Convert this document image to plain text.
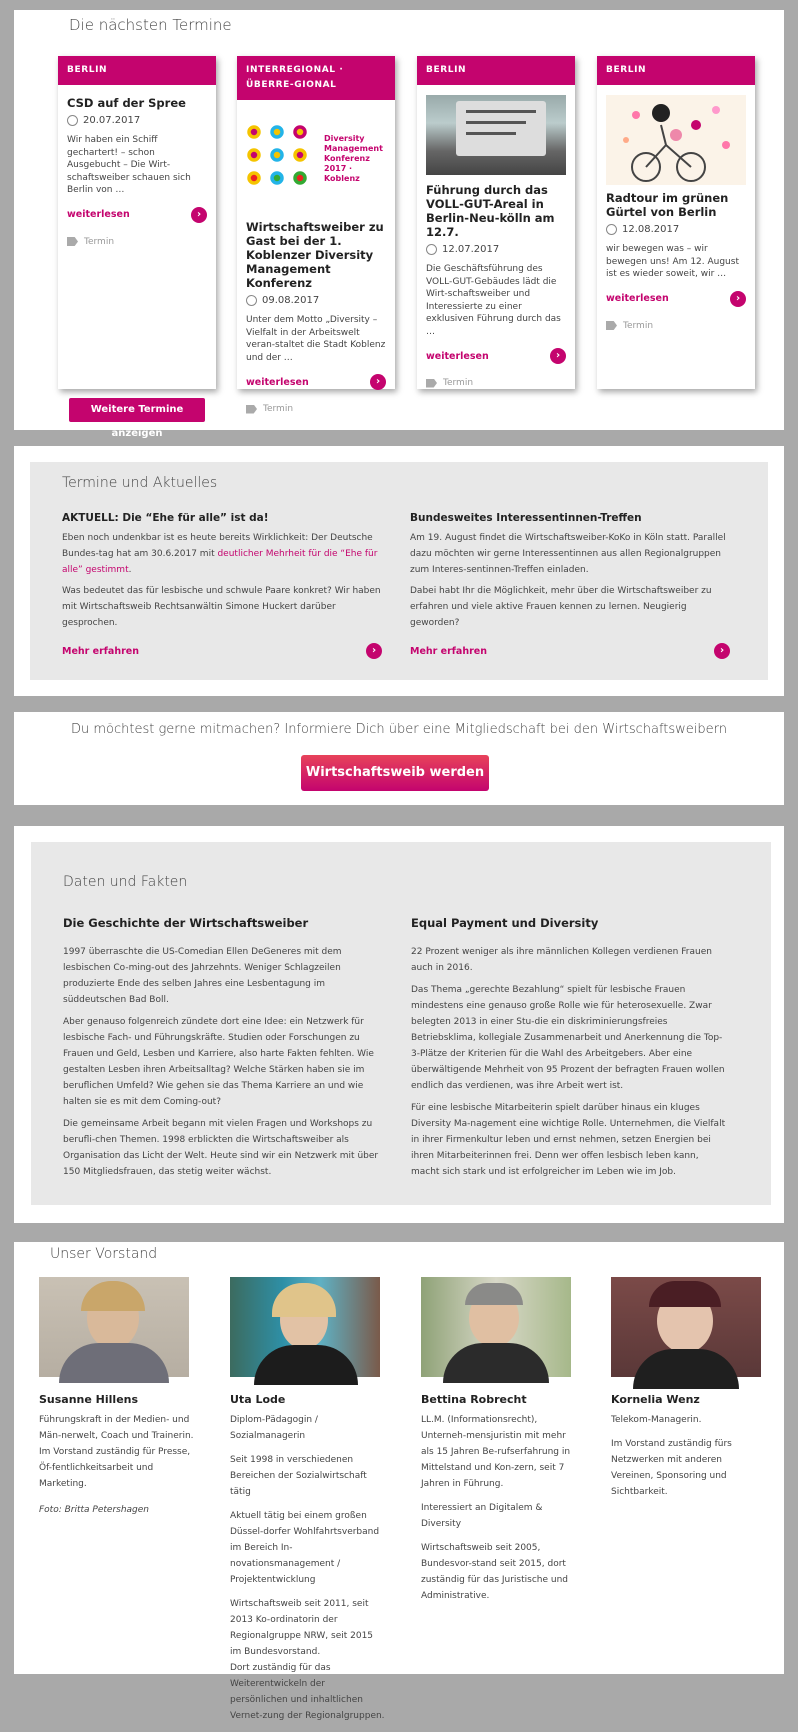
Die nächsten Termine
BERLIN
CSD auf der Spree
20.07.2017
Wir haben ein Schiff gechartert! – schon Ausgebucht – Die Wirt-schaftsweiber schauen sich Berlin von …
weiterlesen	›
Termin
INTERREGIONAL · ÜBERRE-GIONAL
Diversity Management Konferenz 2017 · Koblenz
Wirtschaftsweiber zu Gast bei der 1. Koblenzer Diversity Management Konferenz
09.08.2017
Unter dem Motto „Diversity – Vielfalt in der Arbeitswelt veran-staltet die Stadt Koblenz und der …
weiterlesen	›
Termin
BERLIN
Führung durch das VOLL-GUT-Areal in Berlin-Neu-kölln am 12.7.
12.07.2017
Die Geschäftsführung des VOLL-GUT-Gebäudes lädt die Wirt-schaftsweiber und Interessierte zu einer exklusiven Führung durch das …
weiterlesen	›
Termin
BERLIN
Radtour im grünen Gürtel von Berlin
12.08.2017
wir bewegen was – wir bewegen uns! Am 12. August ist es wieder soweit, wir …
weiterlesen	›
Termin
Weitere Termine anzeigen
Termine und Aktuelles
AKTUELL: Die “Ehe für alle” ist da!

Eben noch undenkbar ist es heute bereits Wirklichkeit: Der Deutsche Bundes-tag hat am 30.6.2017 mit deutlicher Mehrheit für die “Ehe für alle” gestimmt.

Was bedeutet das für lesbische und schwule Paare konkret? Wir haben mit Wirtschaftsweib Rechtsanwältin Simone Huckert darüber gesprochen.

Mehr erfahren	›
Bundesweites Interessentinnen-Treffen

Am 19. August findet die Wirtschaftsweiber-KoKo in Köln statt. Parallel dazu möchten wir gerne Interessentinnen aus allen Regionalgruppen zum Interes-sentinnen-Treffen einladen.

Dabei habt Ihr die Möglichkeit, mehr über die Wirtschaftsweiber zu erfahren und viele aktive Frauen kennen zu lernen. Neugierig geworden?

Mehr erfahren	›
Du möchtest gerne mitmachen? Informiere Dich über eine Mitgliedschaft bei den Wirtschaftsweibern
Wirtschaftsweib werden
Daten und Fakten
Die Geschichte der Wirtschaftsweiber

1997 überraschte die US-Comedian Ellen DeGeneres mit dem lesbischen Co-ming-out des Jahrzehnts. Weniger Schlagzeilen produzierte Ende des selben Jahres eine Lesbentagung im süddeutschen Bad Boll.

Aber genauso folgenreich zündete dort eine Idee: ein Netzwerk für lesbische Fach- und Führungskräfte. Studien oder Forschungen zu Frauen und Geld, Lesben und Karriere, also harte Fakten fehlten. Wie gestalten Lesben ihren Arbeitsalltag? Welche Stärken haben sie im beruflichen Umfeld? Wie gehen sie das Thema Karriere an und wie halten sie es mit dem Coming-out?

Die gemeinsame Arbeit begann mit vielen Fragen und Workshops zu berufli-chen Themen. 1998 erblickten die Wirtschaftsweiber als Organisation das Licht der Welt. Heute sind wir ein Netzwerk mit über 150 Mitgliedsfrauen, das stetig weiter wächst.

Equal Payment und Diversity

22 Prozent weniger als ihre männlichen Kollegen verdienen Frauen auch in 2016.

Das Thema „gerechte Bezahlung“ spielt für lesbische Frauen mindestens eine genauso große Rolle wie für heterosexuelle. Zwar belegten 2013 in einer Stu-die ein diskriminierungsfreies Betriebsklima, kollegiale Zusammenarbeit und Anerkennung die Top-3-Plätze der Kriterien für die Wahl des Arbeitgebers. Aber eine überwältigende Mehrheit von 95 Prozent der befragten Frauen wollen endlich das verdienen, was ihre Arbeit wert ist.

Für eine lesbische Mitarbeiterin spielt darüber hinaus ein kluges Diversity Ma-nagement eine wichtige Rolle. Unternehmen, die Vielfalt in ihrer Firmenkultur leben und ernst nehmen, setzen Energien bei ihren Mitarbeiterinnen frei. Denn wer offen lesbisch leben kann, macht sich stark und ist erfolgreicher im Leben wie im Job.

Unser Vorstand
Susanne Hillens

Führungskraft in der Medien- und Män-nerwelt, Coach und Trainerin.
Im Vorstand zuständig für Presse, Öf-fentlichkeitsarbeit und Marketing.

Foto: Britta Petershagen

Uta Lode

Diplom-Pädagogin / Sozialmanagerin

Seit 1998 in verschiedenen Bereichen der Sozialwirtschaft tätig

Aktuell tätig bei einem großen Düssel-dorfer Wohlfahrtsverband im Bereich In-novationsmanagement / Projektentwicklung

Wirtschaftsweib seit 2011, seit 2013 Ko-ordinatorin der Regionalgruppe NRW, seit 2015 im Bundesvorstand.
Dort zuständig für das Weiterentwickeln der persönlichen und inhaltlichen Vernet-zung der Regionalgruppen.

Bettina Robrecht

LL.M. (Informationsrecht), Unterneh-mensjuristin mit mehr als 15 Jahren Be-rufserfahrung in Mittelstand und Kon-zern, seit 7 Jahren in Führung.

Interessiert an Digitalem & Diversity

Wirtschaftsweib seit 2005, Bundesvor-stand seit 2015, dort zuständig für das Juristische und Administrative.

Kornelia Wenz

Telekom-Managerin.

Im Vorstand zuständig fürs Netzwerken mit anderen Vereinen, Sponsoring und Sichtbarkeit.
